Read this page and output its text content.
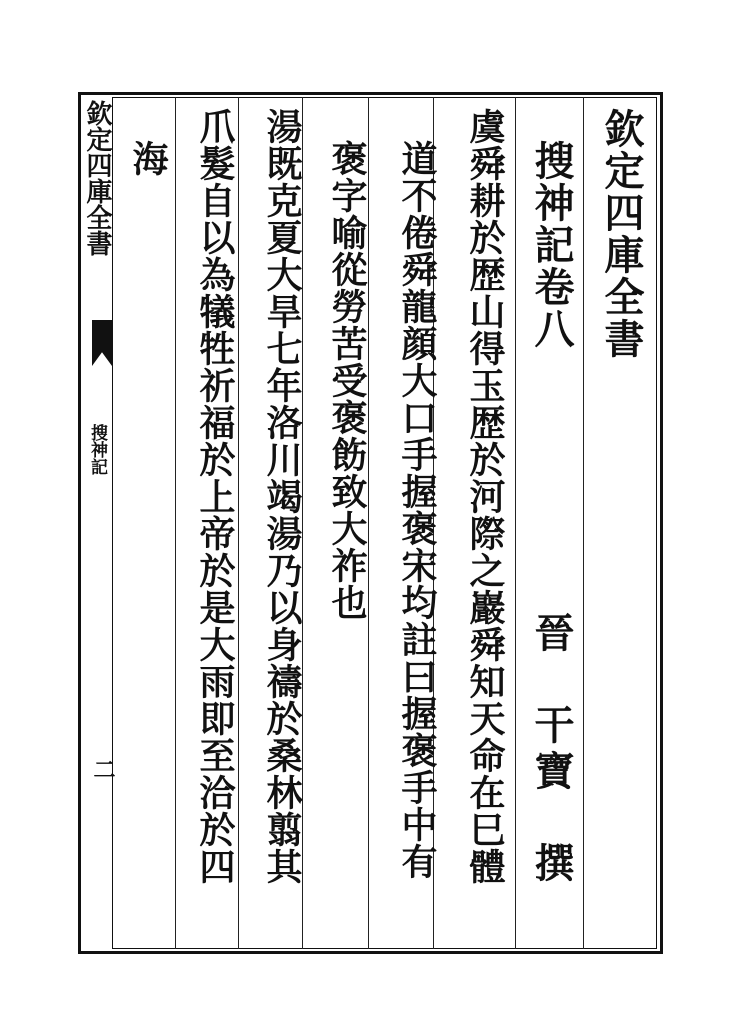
欽定四庫全書
搜神記
二
欽定四庫全書
搜神記卷八
晉　干寶　撰
虞舜耕於歴山得玉歴於河際之巖舜知天命在巳體
道不倦舜龍顔大口手握褒宋均註曰握褒手中有
褒字喻從勞苦受褒飭致大祚也
湯既克夏大旱七年洛川竭湯乃以身禱於桑林翦其
爪髮自以為犠牲祈福於上帝於是大雨即至洽於四
海
